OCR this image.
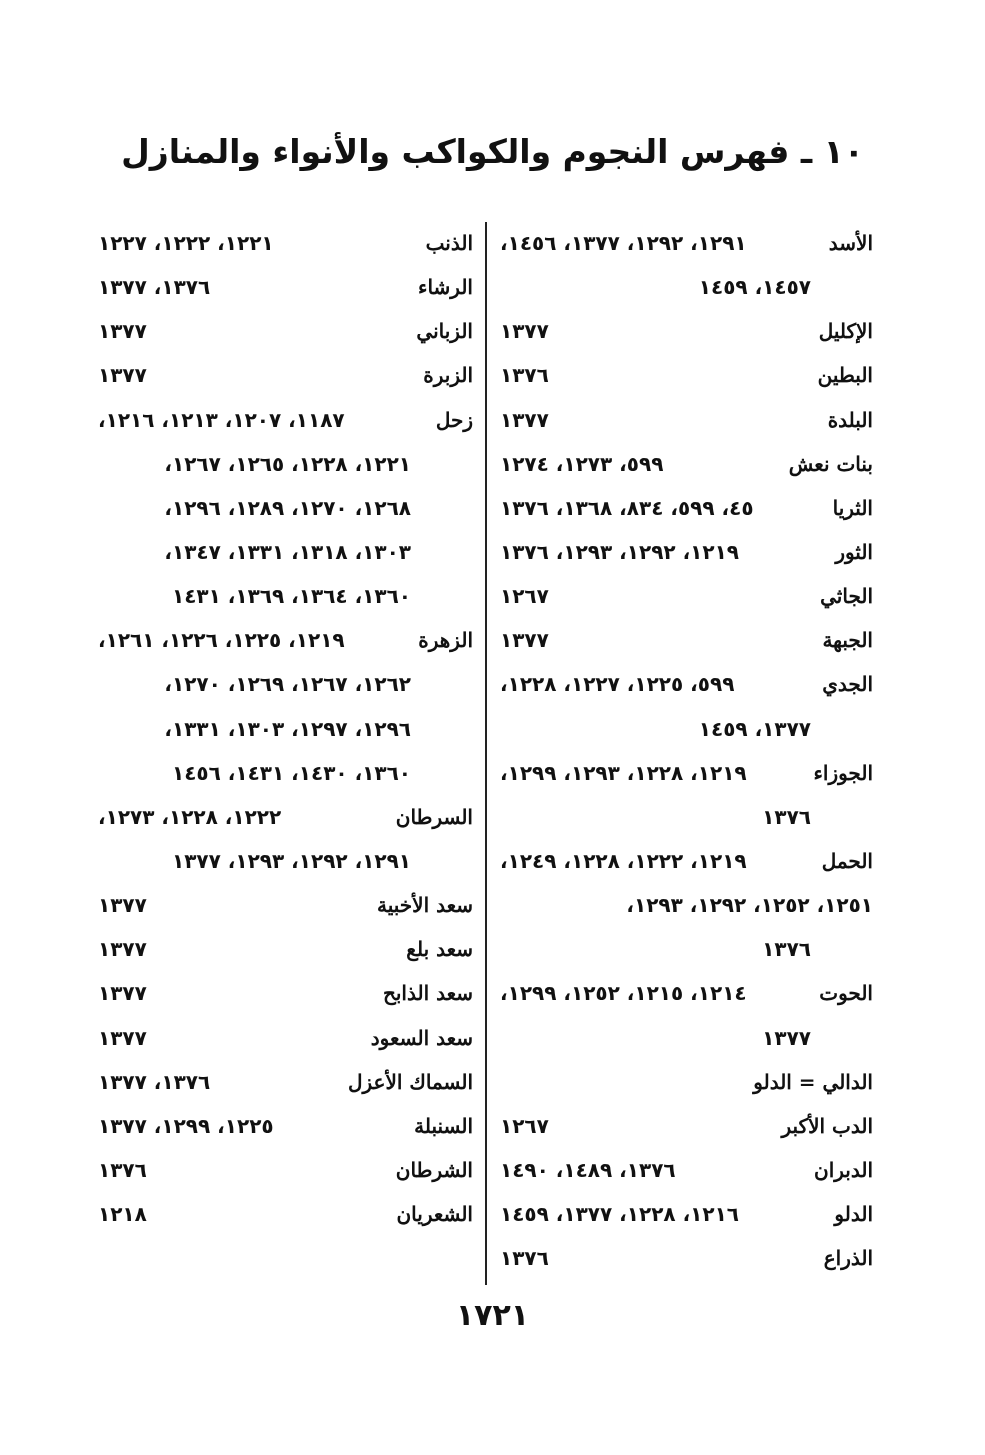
١٠ ـ فهرس النجوم والكواكب والأنواء والمنازل
الأسد
١٢٩١، ١٢٩٢، ١٣٧٧، ١٤٥٦،
١٤٥٧، ١٤٥٩
الإكليل
١٣٧٧
البطين
١٣٧٦
البلدة
١٣٧٧
بنات نعش
٥٩٩، ١٢٧٣، ١٢٧٤
الثريا
٤٥، ٥٩٩، ٨٣٤، ١٣٦٨، ١٣٧٦
الثور
١٢١٩، ١٢٩٢، ١٢٩٣، ١٣٧٦
الجاثي
١٢٦٧
الجبهة
١٣٧٧
الجدي
٥٩٩، ١٢٢٥، ١٢٢٧، ١٢٢٨،
١٣٧٧، ١٤٥٩
الجوزاء
١٢١٩، ١٢٢٨، ١٢٩٣، ١٢٩٩،
١٣٧٦
الحمل
١٢١٩، ١٢٢٢، ١٢٢٨، ١٢٤٩،
١٢٥١، ١٢٥٢، ١٢٩٢، ١٢٩٣،
١٣٧٦
الحوت
١٢١٤، ١٢١٥، ١٢٥٢، ١٢٩٩،
١٣٧٧
الدالي = الدلو
الدب الأكبر
١٢٦٧
الدبران
١٣٧٦، ١٤٨٩، ١٤٩٠
الدلو
١٢١٦، ١٢٢٨، ١٣٧٧، ١٤٥٩
الذراع
١٣٧٦
الذنب
١٢٢١، ١٢٢٢، ١٢٢٧
الرشاء
١٣٧٦، ١٣٧٧
الزباني
١٣٧٧
الزبرة
١٣٧٧
زحل
١١٨٧، ١٢٠٧، ١٢١٣، ١٢١٦،
١٢٢١، ١٢٢٨، ١٢٦٥، ١٢٦٧،
١٢٦٨، ١٢٧٠، ١٢٨٩، ١٢٩٦،
١٣٠٣، ١٣١٨، ١٣٣١، ١٣٤٧،
١٣٦٠، ١٣٦٤، ١٣٦٩، ١٤٣١
الزهرة
١٢١٩، ١٢٢٥، ١٢٢٦، ١٢٦١،
١٢٦٢، ١٢٦٧، ١٢٦٩، ١٢٧٠،
١٢٩٦، ١٢٩٧، ١٣٠٣، ١٣٣١،
١٣٦٠، ١٤٣٠، ١٤٣١، ١٤٥٦
السرطان
١٢٢٢، ١٢٢٨، ١٢٧٣،
١٢٩١، ١٢٩٢، ١٢٩٣، ١٣٧٧
سعد الأخبية
١٣٧٧
سعد بلع
١٣٧٧
سعد الذابح
١٣٧٧
سعد السعود
١٣٧٧
السماك الأعزل
١٣٧٦، ١٣٧٧
السنبلة
١٢٢٥، ١٢٩٩، ١٣٧٧
الشرطان
١٣٧٦
الشعريان
١٢١٨
١٧٢١
